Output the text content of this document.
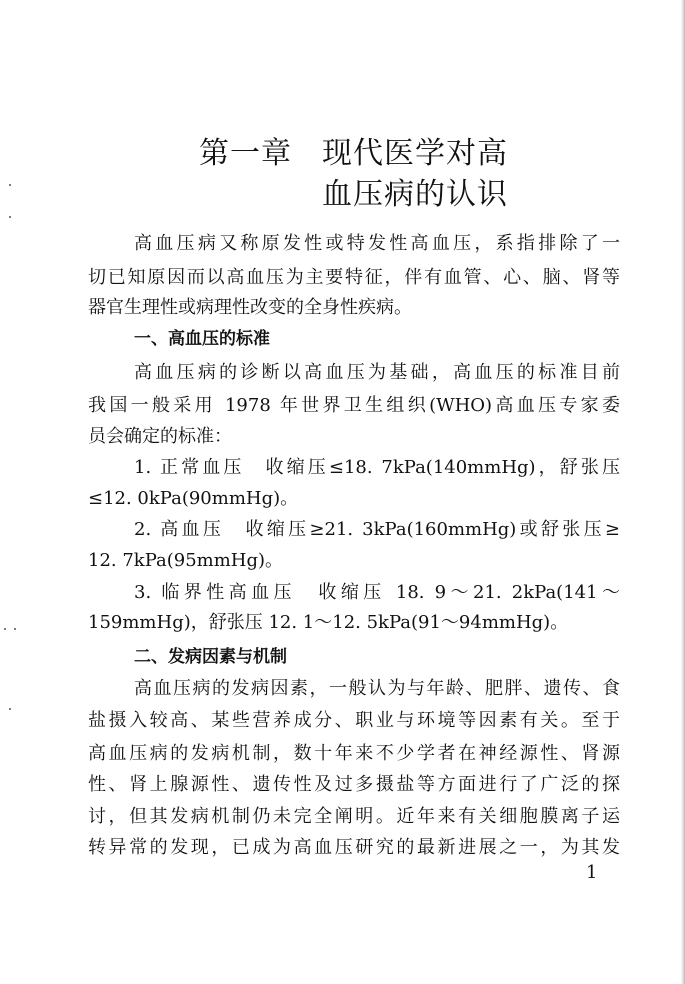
第一章 现代医学对高
血压病的认识
高血压病又称原发性或特发性高血压，系指排除了一
切已知原因而以高血压为主要特征，伴有血管、心、脑、肾等
器官生理性或病理性改变的全身性疾病。
一、高血压的标准
高血压病的诊断以高血压为基础，高血压的标准目前
我国一般采用 1978 年世界卫生组织(WHO)高血压专家委
员会确定的标准：
1. 正常血压　收缩压≤18. 7kPa(140mmHg)，舒张压
≤12. 0kPa(90mmHg)。
2. 高血压　收缩压≥21. 3kPa(160mmHg)或舒张压≥
12. 7kPa(95mmHg)。
3. 临界性高血压　收缩压 18. 9～21. 2kPa(141～
159mmHg)，舒张压 12. 1～12. 5kPa(91～94mmHg)。
二、发病因素与机制
高血压病的发病因素，一般认为与年龄、肥胖、遗传、食
盐摄入较高、某些营养成分、职业与环境等因素有关。至于
高血压病的发病机制，数十年来不少学者在神经源性、肾源
性、肾上腺源性、遗传性及过多摄盐等方面进行了广泛的探
讨，但其发病机制仍未完全阐明。近年来有关细胞膜离子运
转异常的发现，已成为高血压研究的最新进展之一，为其发
1
